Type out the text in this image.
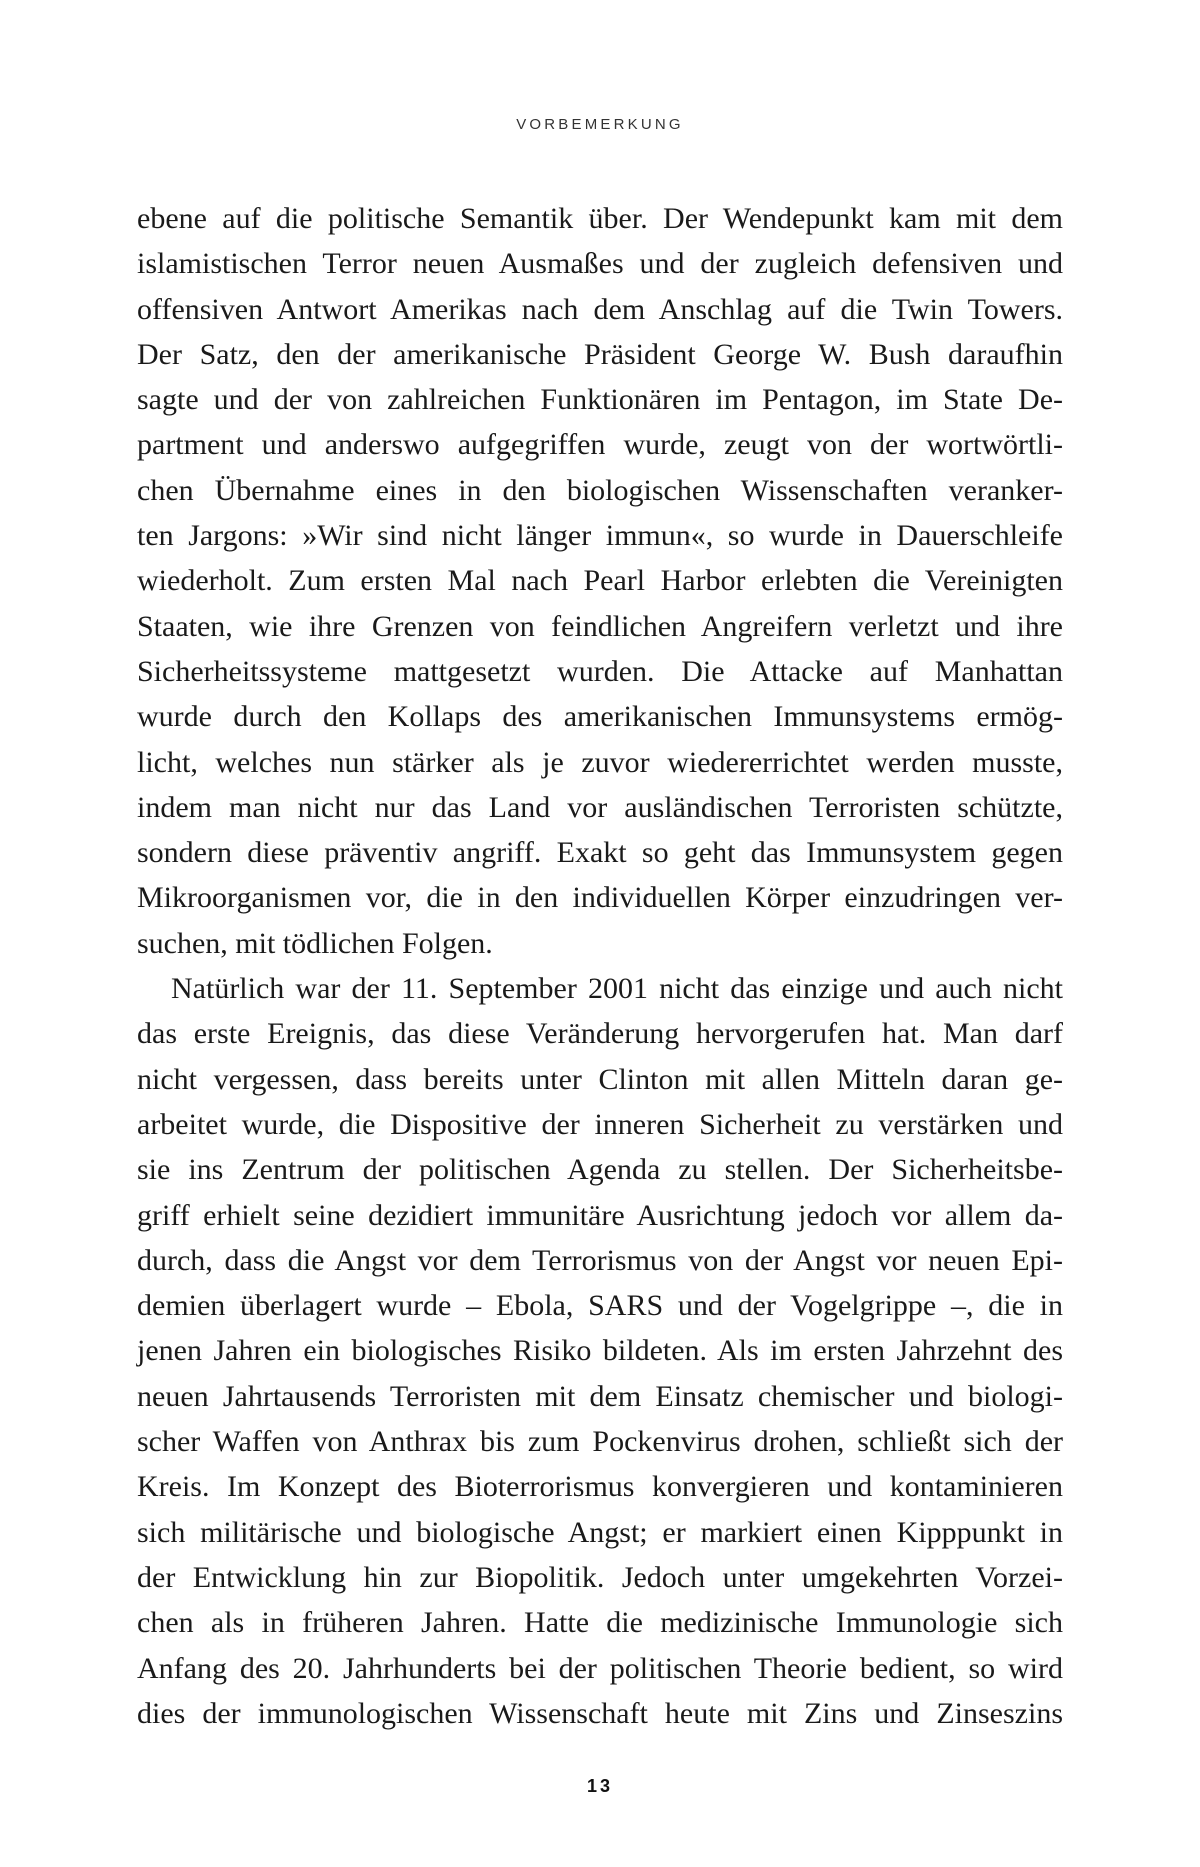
VORBEMERKUNG
ebene auf die politische Semantik über. Der Wendepunkt kam mit dem
islamistischen Terror neuen Ausmaßes und der zugleich defensiven und
offensiven Antwort Amerikas nach dem Anschlag auf die Twin Towers.
Der Satz, den der amerikanische Präsident George W. Bush daraufhin
sagte und der von zahlreichen Funktionären im Pentagon, im State De-
partment und anderswo aufgegriffen wurde, zeugt von der wortwörtli-
chen Übernahme eines in den biologischen Wissenschaften veranker-
ten Jargons: »Wir sind nicht länger immun«, so wurde in Dauerschleife
wiederholt. Zum ersten Mal nach Pearl Harbor erlebten die Vereinigten
Staaten, wie ihre Grenzen von feindlichen Angreifern verletzt und ihre
Sicherheitssysteme mattgesetzt wurden. Die Attacke auf Manhattan
wurde durch den Kollaps des amerikanischen Immunsystems ermög-
licht, welches nun stärker als je zuvor wiedererrichtet werden musste,
indem man nicht nur das Land vor ausländischen Terroristen schützte,
sondern diese präventiv angriff. Exakt so geht das Immunsystem gegen
Mikroorganismen vor, die in den individuellen Körper einzudringen ver-
suchen, mit tödlichen Folgen.
Natürlich war der 11. September 2001 nicht das einzige und auch nicht
das erste Ereignis, das diese Veränderung hervorgerufen hat. Man darf
nicht vergessen, dass bereits unter Clinton mit allen Mitteln daran ge-
arbeitet wurde, die Dispositive der inneren Sicherheit zu verstärken und
sie ins Zentrum der politischen Agenda zu stellen. Der Sicherheitsbe-
griff erhielt seine dezidiert immunitäre Ausrichtung jedoch vor allem da-
durch, dass die Angst vor dem Terrorismus von der Angst vor neuen Epi-
demien überlagert wurde – Ebola, SARS und der Vogelgrippe –, die in
jenen Jahren ein biologisches Risiko bildeten. Als im ersten Jahrzehnt des
neuen Jahrtausends Terroristen mit dem Einsatz chemischer und biologi-
scher Waffen von Anthrax bis zum Pockenvirus drohen, schließt sich der
Kreis. Im Konzept des Bioterrorismus konvergieren und kontaminieren
sich militärische und biologische Angst; er markiert einen Kipppunkt in
der Entwicklung hin zur Biopolitik. Jedoch unter umgekehrten Vorzei-
chen als in früheren Jahren. Hatte die medizinische Immunologie sich
Anfang des 20. Jahrhunderts bei der politischen Theorie bedient, so wird
dies der immunologischen Wissenschaft heute mit Zins und Zinseszins
13
